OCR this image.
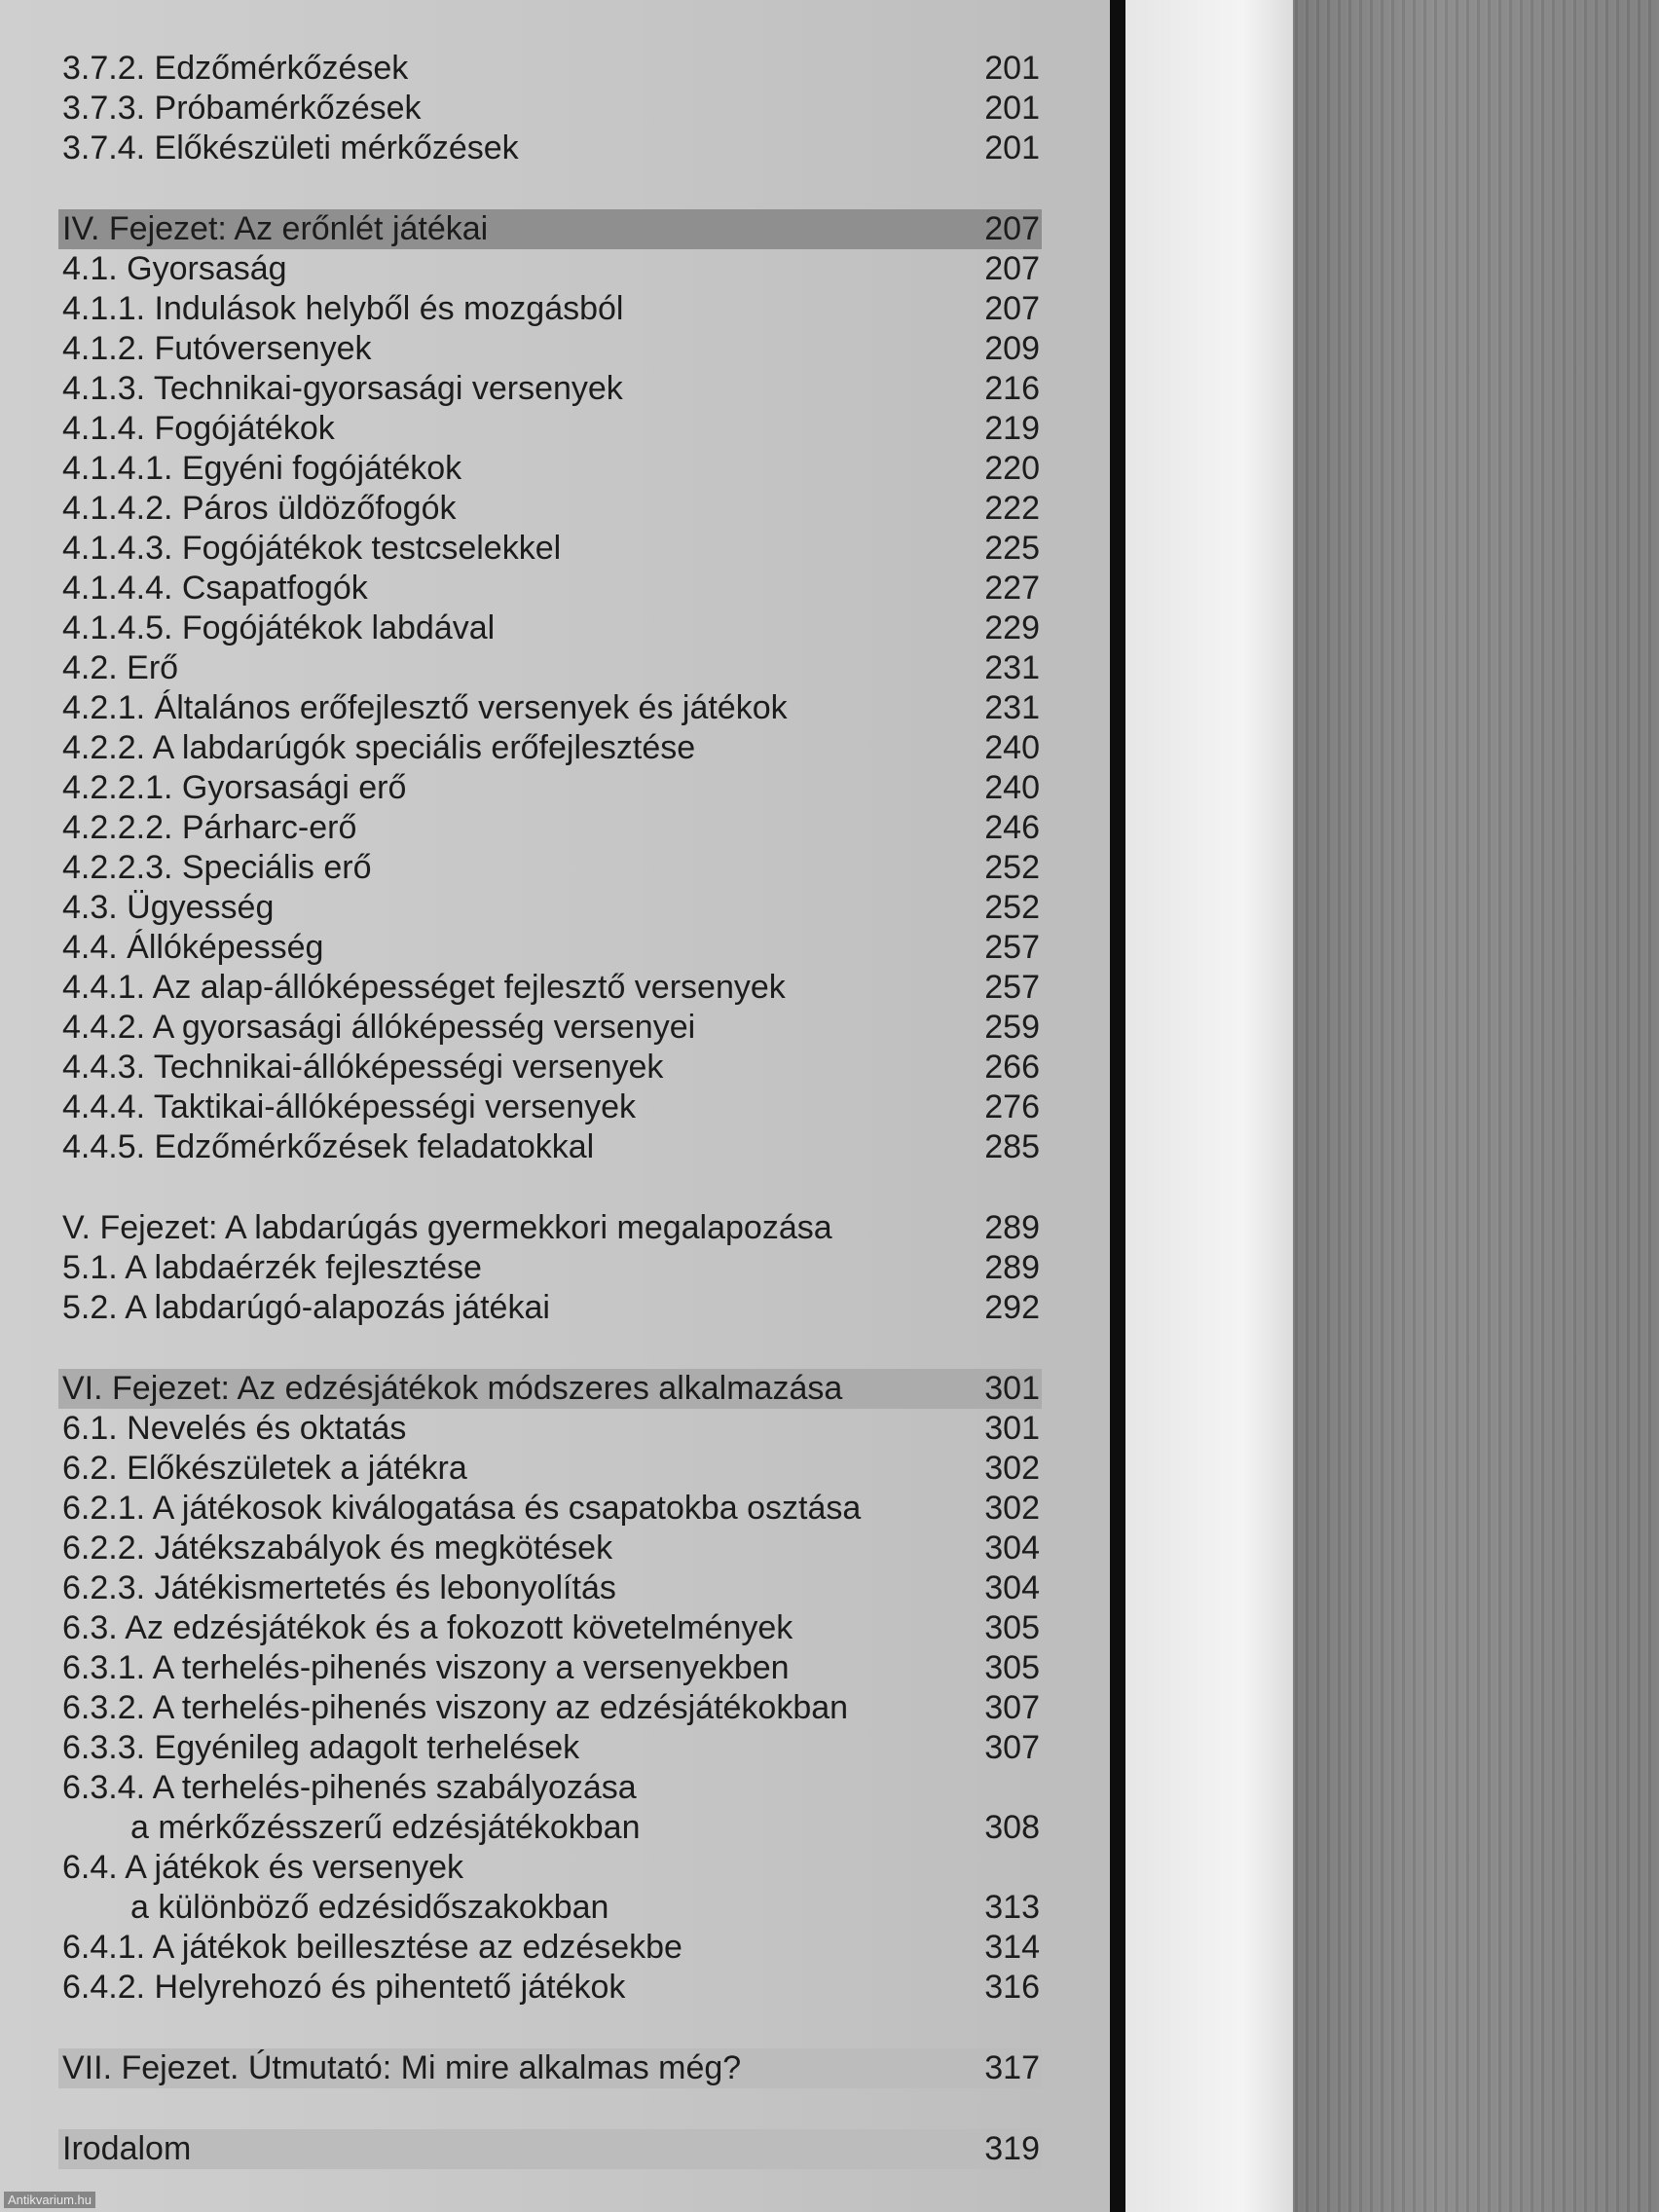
3.7.2. Edzőmérkőzések	201
3.7.3. Próbamérkőzések	201
3.7.4. Előkészületi mérkőzések	201
IV. Fejezet: Az erőnlét játékai	207
4.1. Gyorsaság	207
4.1.1. Indulások helyből és mozgásból	207
4.1.2. Futóversenyek	209
4.1.3. Technikai-gyorsasági versenyek	216
4.1.4. Fogójátékok	219
4.1.4.1. Egyéni fogójátékok	220
4.1.4.2. Páros üldözőfogók	222
4.1.4.3. Fogójátékok testcselekkel	225
4.1.4.4. Csapatfogók	227
4.1.4.5. Fogójátékok labdával	229
4.2. Erő	231
4.2.1. Általános erőfejlesztő versenyek és játékok	231
4.2.2. A labdarúgók speciális erőfejlesztése	240
4.2.2.1. Gyorsasági erő	240
4.2.2.2. Párharc-erő	246
4.2.2.3. Speciális erő	252
4.3. Ügyesség	252
4.4. Állóképesség	257
4.4.1. Az alap-állóképességet fejlesztő versenyek	257
4.4.2. A gyorsasági állóképesség versenyei	259
4.4.3. Technikai-állóképességi versenyek	266
4.4.4. Taktikai-állóképességi versenyek	276
4.4.5. Edzőmérkőzések feladatokkal	285
V. Fejezet: A labdarúgás gyermekkori megalapozása	289
5.1. A labdaérzék fejlesztése	289
5.2. A labdarúgó-alapozás játékai	292
VI. Fejezet: Az edzésjátékok módszeres alkalmazása	301
6.1. Nevelés és oktatás	301
6.2. Előkészületek a játékra	302
6.2.1. A játékosok kiválogatása és csapatokba osztása	302
6.2.2. Játékszabályok és megkötések	304
6.2.3. Játékismertetés és lebonyolítás	304
6.3. Az edzésjátékok és a fokozott követelmények	305
6.3.1. A terhelés-pihenés viszony a versenyekben	305
6.3.2. A terhelés-pihenés viszony az edzésjátékokban	307
6.3.3. Egyénileg adagolt terhelések	307
6.3.4. A terhelés-pihenés szabályozása
a mérkőzésszerű edzésjátékokban	308
6.4. A játékok és versenyek
a különböző edzésidőszakokban	313
6.4.1. A játékok beillesztése az edzésekbe	314
6.4.2. Helyrehozó és pihentető játékok	316
VII. Fejezet. Útmutató: Mi mire alkalmas még?	317
Irodalom	319
Antikvarium.hu
